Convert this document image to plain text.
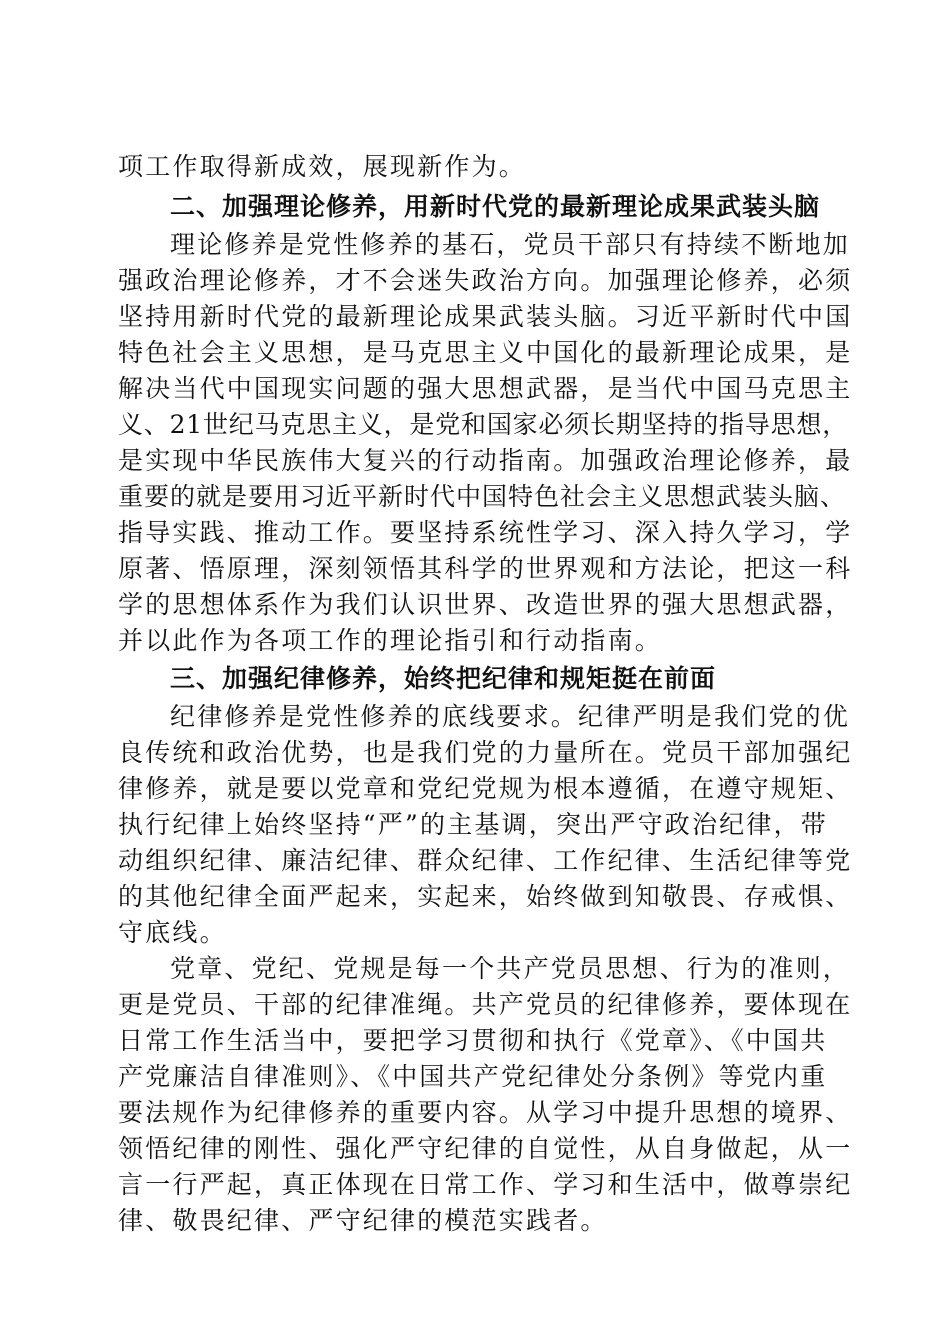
项工作取得新成效，展现新作为。
二、加强理论修养，用新时代党的最新理论成果武装头脑
理论修养是党性修养的基石，党员干部只有持续不断地加
强政治理论修养，才不会迷失政治方向。加强理论修养，必须
坚持用新时代党的最新理论成果武装头脑。习近平新时代中国
特色社会主义思想，是马克思主义中国化的最新理论成果，是
解决当代中国现实问题的强大思想武器，是当代中国马克思主
义、21世纪马克思主义，是党和国家必须长期坚持的指导思想，
是实现中华民族伟大复兴的行动指南。加强政治理论修养，最
重要的就是要用习近平新时代中国特色社会主义思想武装头脑、
指导实践、推动工作。要坚持系统性学习、深入持久学习，学
原著、悟原理，深刻领悟其科学的世界观和方法论，把这一科
学的思想体系作为我们认识世界、改造世界的强大思想武器，
并以此作为各项工作的理论指引和行动指南。
三、加强纪律修养，始终把纪律和规矩挺在前面
纪律修养是党性修养的底线要求。纪律严明是我们党的优
良传统和政治优势，也是我们党的力量所在。党员干部加强纪
律修养，就是要以党章和党纪党规为根本遵循，在遵守规矩、
执行纪律上始终坚持“严”的主基调，突出严守政治纪律，带
动组织纪律、廉洁纪律、群众纪律、工作纪律、生活纪律等党
的其他纪律全面严起来，实起来，始终做到知敬畏、存戒惧、
守底线。
党章、党纪、党规是每一个共产党员思想、行为的准则，
更是党员、干部的纪律准绳。共产党员的纪律修养，要体现在
日常工作生活当中，要把学习贯彻和执行《党章》、《中国共
产党廉洁自律准则》、《中国共产党纪律处分条例》等党内重
要法规作为纪律修养的重要内容。从学习中提升思想的境界、
领悟纪律的刚性、强化严守纪律的自觉性，从自身做起，从一
言一行严起，真正体现在日常工作、学习和生活中，做尊崇纪
律、敬畏纪律、严守纪律的模范实践者。
